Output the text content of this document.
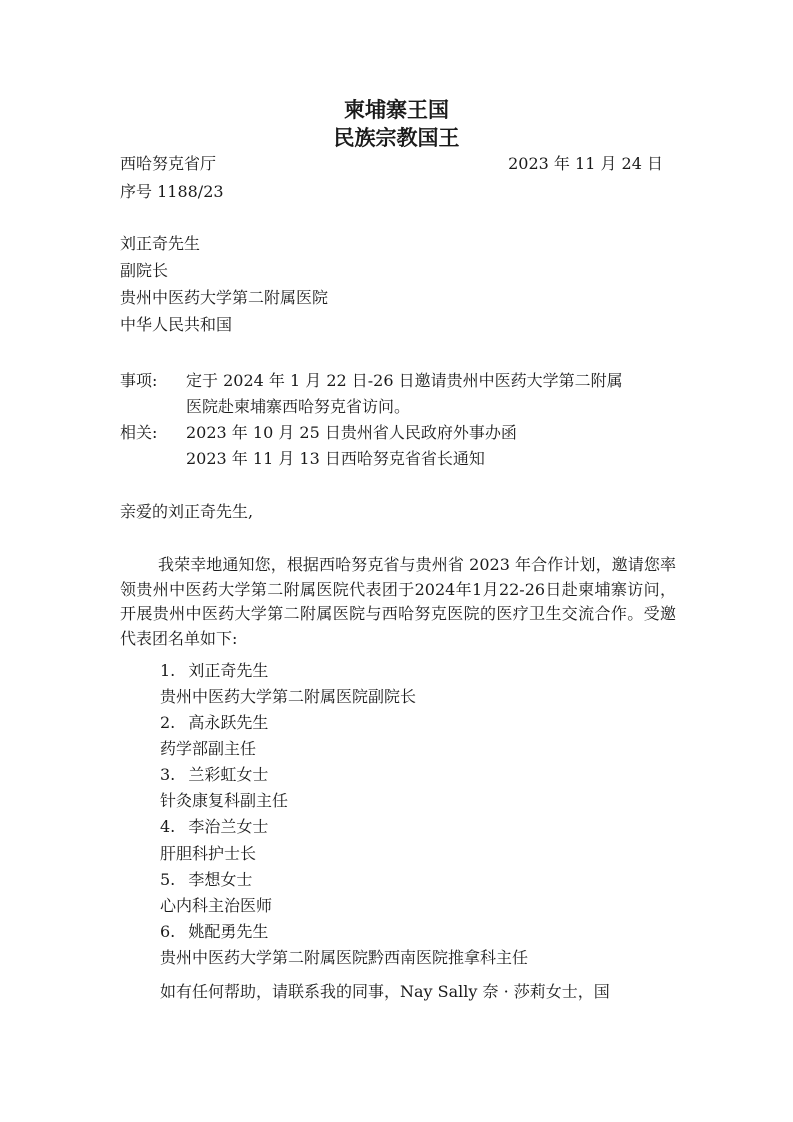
柬埔寨王国
民族宗教国王
西哈努克省厅	2023 年 11 月 24 日
序号 1188/23
刘正奇先生
副院长
贵州中医药大学第二附属医院
中华人民共和国
事项: 定于 2024 年 1 月 22 日-26 日邀请贵州中医药大学第二附属
医院赴柬埔寨西哈努克省访问。
相关: 2023 年 10 月 25 日贵州省人民政府外事办函
2023 年 11 月 13 日西哈努克省省长通知
亲爱的刘正奇先生,
我荣幸地通知您，根据西哈努克省与贵州省 2023 年合作计划，邀请您率领贵州中医药大学第二附属医院代表团于2024年1月22-26日赴柬埔寨访问，开展贵州中医药大学第二附属医院与西哈努克医院的医疗卫生交流合作。受邀代表团名单如下:
1. 刘正奇先生
贵州中医药大学第二附属医院副院长
2. 高永跃先生
药学部副主任
3. 兰彩虹女士
针灸康复科副主任
4. 李治兰女士
肝胆科护士长
5. 李想女士
心内科主治医师
6. 姚配勇先生
贵州中医药大学第二附属医院黔西南医院推拿科主任
如有任何帮助，请联系我的同事，Nay Sally 奈 · 莎莉女士，国
